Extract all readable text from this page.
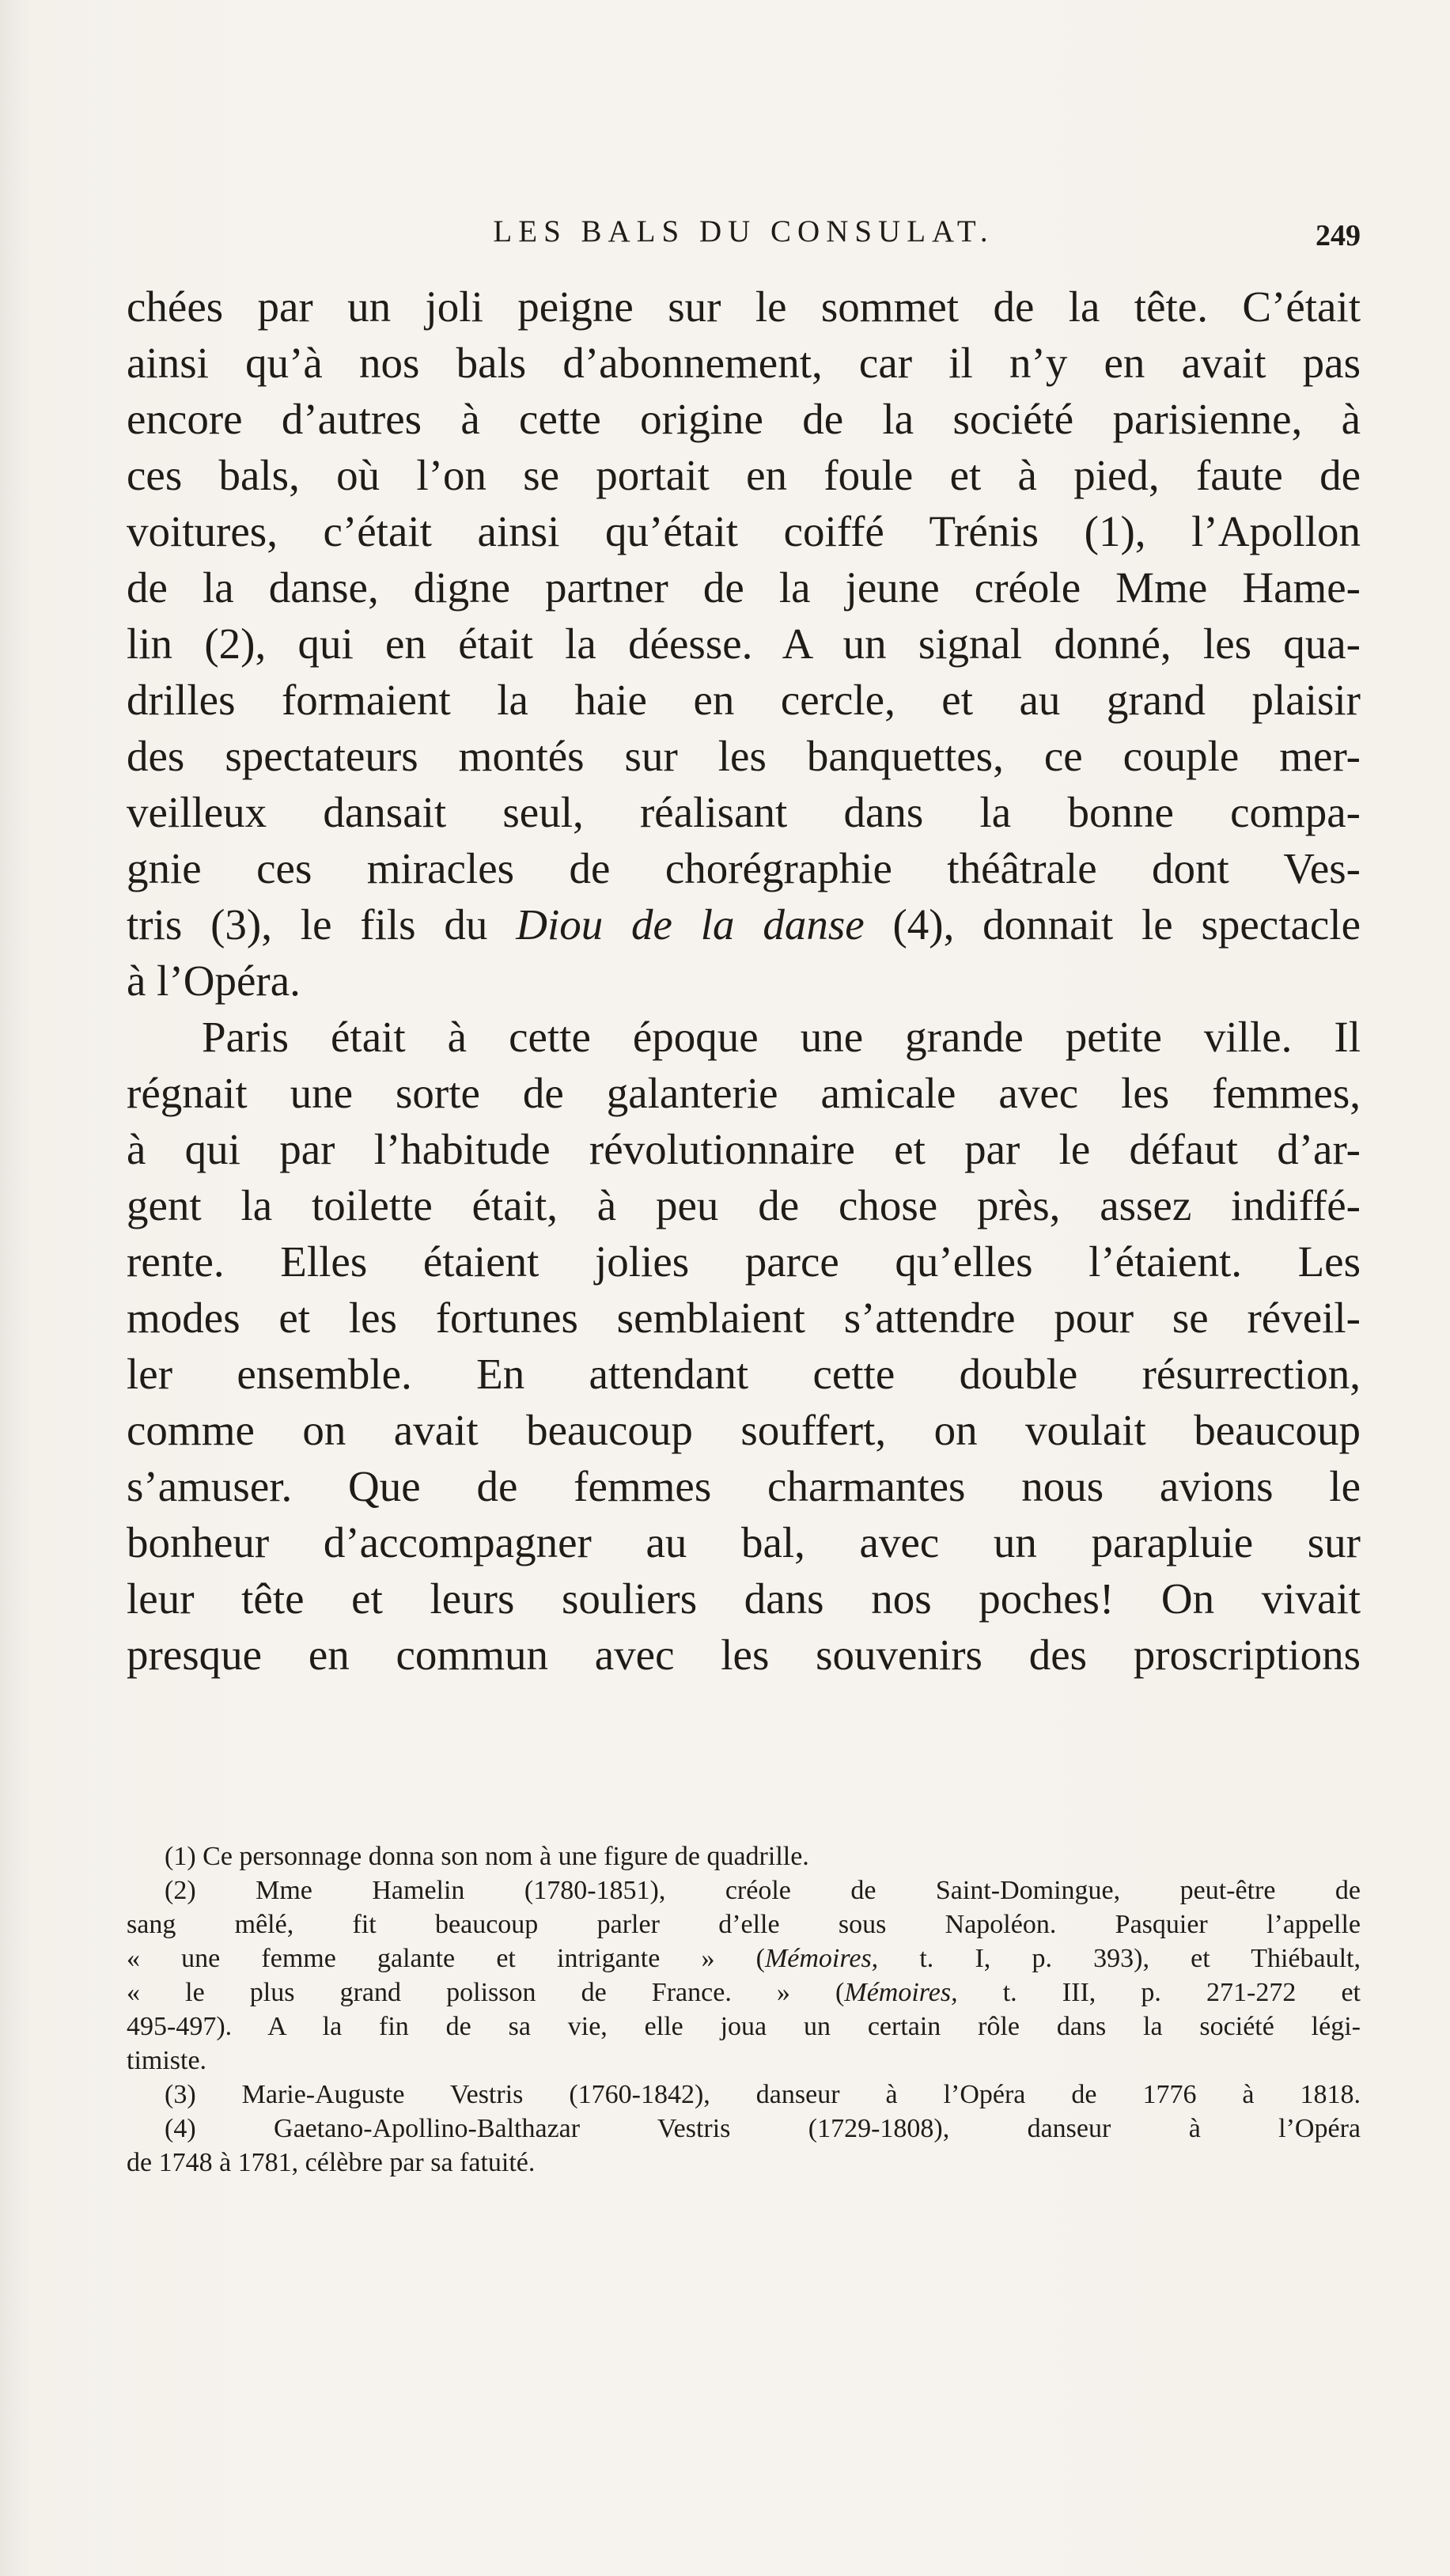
LES BALS DU CONSULAT.	249
chées par un joli peigne sur le sommet de la tête. C’était
ainsi qu’à nos bals d’abonnement, car il n’y en avait pas
encore d’autres à cette origine de la société parisienne, à
ces bals, où l’on se portait en foule et à pied, faute de
voitures, c’était ainsi qu’était coiffé Trénis (1), l’Apollon
de la danse, digne partner de la jeune créole Mme Hame-
lin (2), qui en était la déesse. A un signal donné, les qua-
drilles formaient la haie en cercle, et au grand plaisir
des spectateurs montés sur les banquettes, ce couple mer-
veilleux dansait seul, réalisant dans la bonne compa-
gnie ces miracles de chorégraphie théâtrale dont Ves-
tris (3), le fils du Diou de la danse (4), donnait le spectacle
à l’Opéra.
Paris était à cette époque une grande petite ville. Il
régnait une sorte de galanterie amicale avec les femmes,
à qui par l’habitude révolutionnaire et par le défaut d’ar-
gent la toilette était, à peu de chose près, assez indiffé-
rente. Elles étaient jolies parce qu’elles l’étaient. Les
modes et les fortunes semblaient s’attendre pour se réveil-
ler ensemble. En attendant cette double résurrection,
comme on avait beaucoup souffert, on voulait beaucoup
s’amuser. Que de femmes charmantes nous avions le
bonheur d’accompagner au bal, avec un parapluie sur
leur tête et leurs souliers dans nos poches! On vivait
presque en commun avec les souvenirs des proscriptions
(1) Ce personnage donna son nom à une figure de quadrille.
(2) Mme Hamelin (1780-1851), créole de Saint-Domingue, peut-être de
sang mêlé, fit beaucoup parler d’elle sous Napoléon. Pasquier l’appelle
« une femme galante et intrigante » (Mémoires, t. I, p. 393), et Thiébault,
« le plus grand polisson de France. » (Mémoires, t. III, p. 271-272 et
495-497). A la fin de sa vie, elle joua un certain rôle dans la société légi-
timiste.
(3) Marie-Auguste Vestris (1760-1842), danseur à l’Opéra de 1776 à 1818.
(4) Gaetano-Apollino-Balthazar Vestris (1729-1808), danseur à l’Opéra
de 1748 à 1781, célèbre par sa fatuité.
